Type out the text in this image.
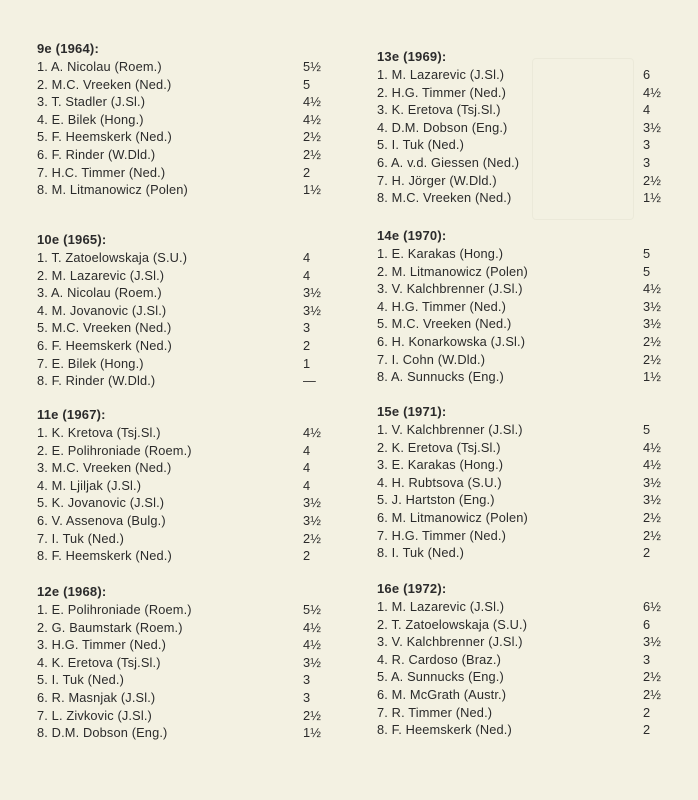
9e (1964):
1. A. Nicolau (Roem.)	5½
2. M.C. Vreeken (Ned.)	5
3. T. Stadler (J.Sl.)	4½
4. E. Bilek (Hong.)	4½
5. F. Heemskerk (Ned.)	2½
6. F. Rinder (W.Dld.)	2½
7. H.C. Timmer (Ned.)	2
8. M. Litmanowicz (Polen)	1½
10e (1965):
1. T. Zatoelowskaja (S.U.)	4
2. M. Lazarevic (J.Sl.)	4
3. A. Nicolau (Roem.)	3½
4. M. Jovanovic (J.Sl.)	3½
5. M.C. Vreeken (Ned.)	3
6. F. Heemskerk (Ned.)	2
7. E. Bilek (Hong.)	1
8. F. Rinder (W.Dld.)	—
11e (1967):
1. K. Kretova (Tsj.Sl.)	4½
2. E. Polihroniade (Roem.)	4
3. M.C. Vreeken (Ned.)	4
4. M. Ljiljak (J.Sl.)	4
5. K. Jovanovic (J.Sl.)	3½
6. V. Assenova (Bulg.)	3½
7. I. Tuk (Ned.)	2½
8. F. Heemskerk (Ned.)	2
12e (1968):
1. E. Polihroniade (Roem.)	5½
2. G. Baumstark (Roem.)	4½
3. H.G. Timmer (Ned.)	4½
4. K. Eretova (Tsj.Sl.)	3½
5. I. Tuk (Ned.)	3
6. R. Masnjak (J.Sl.)	3
7. L. Zivkovic (J.Sl.)	2½
8. D.M. Dobson (Eng.)	1½
13e (1969):
1. M. Lazarevic (J.Sl.)	6
2. H.G. Timmer (Ned.)	4½
3. K. Eretova (Tsj.Sl.)	4
4. D.M. Dobson (Eng.)	3½
5. I. Tuk (Ned.)	3
6. A. v.d. Giessen (Ned.)	3
7. H. Jörger (W.Dld.)	2½
8. M.C. Vreeken (Ned.)	1½
14e (1970):
1. E. Karakas (Hong.)	5
2. M. Litmanowicz (Polen)	5
3. V. Kalchbrenner (J.Sl.)	4½
4. H.G. Timmer (Ned.)	3½
5. M.C. Vreeken (Ned.)	3½
6. H. Konarkowska (J.Sl.)	2½
7. I. Cohn (W.Dld.)	2½
8. A. Sunnucks (Eng.)	1½
15e (1971):
1. V. Kalchbrenner (J.Sl.)	5
2. K. Eretova (Tsj.Sl.)	4½
3. E. Karakas (Hong.)	4½
4. H. Rubtsova (S.U.)	3½
5. J. Hartston (Eng.)	3½
6. M. Litmanowicz (Polen)	2½
7. H.G. Timmer (Ned.)	2½
8. I. Tuk (Ned.)	2
16e (1972):
1. M. Lazarevic (J.Sl.)	6½
2. T. Zatoelowskaja (S.U.)	6
3. V. Kalchbrenner (J.Sl.)	3½
4. R. Cardoso (Braz.)	3
5. A. Sunnucks (Eng.)	2½
6. M. McGrath (Austr.)	2½
7. R. Timmer (Ned.)	2
8. F. Heemskerk (Ned.)	2
